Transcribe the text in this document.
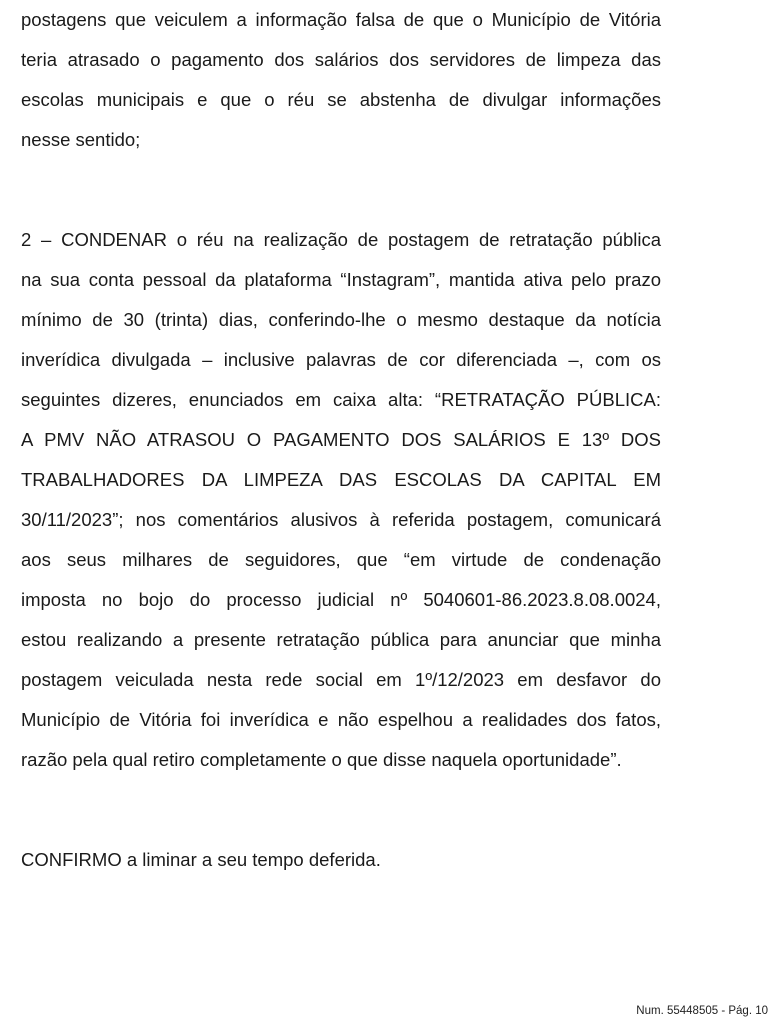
postagens que veiculem a informação falsa de que o Município de Vitória
teria atrasado o pagamento dos salários dos servidores de limpeza das
escolas municipais e que o réu se abstenha de divulgar informações
nesse sentido;
2 – CONDENAR o réu na realização de postagem de retratação pública
na sua conta pessoal da plataforma “Instagram”, mantida ativa pelo prazo
mínimo de 30 (trinta) dias, conferindo-lhe o mesmo destaque da notícia
inverídica divulgada – inclusive palavras de cor diferenciada –, com os
seguintes dizeres, enunciados em caixa alta: “RETRATAÇÃO PÚBLICA:
A PMV NÃO ATRASOU O PAGAMENTO DOS SALÁRIOS E 13º DOS
TRABALHADORES DA LIMPEZA DAS ESCOLAS DA CAPITAL EM
30/11/2023”; nos comentários alusivos à referida postagem, comunicará
aos seus milhares de seguidores, que “em virtude de condenação
imposta no bojo do processo judicial nº 5040601-86.2023.8.08.0024,
estou realizando a presente retratação pública para anunciar que minha
postagem veiculada nesta rede social em 1º/12/2023 em desfavor do
Município de Vitória foi inverídica e não espelhou a realidades dos fatos,
razão pela qual retiro completamente o que disse naquela oportunidade”.
CONFIRMO a liminar a seu tempo deferida.
Num. 55448505 - Pág. 10
